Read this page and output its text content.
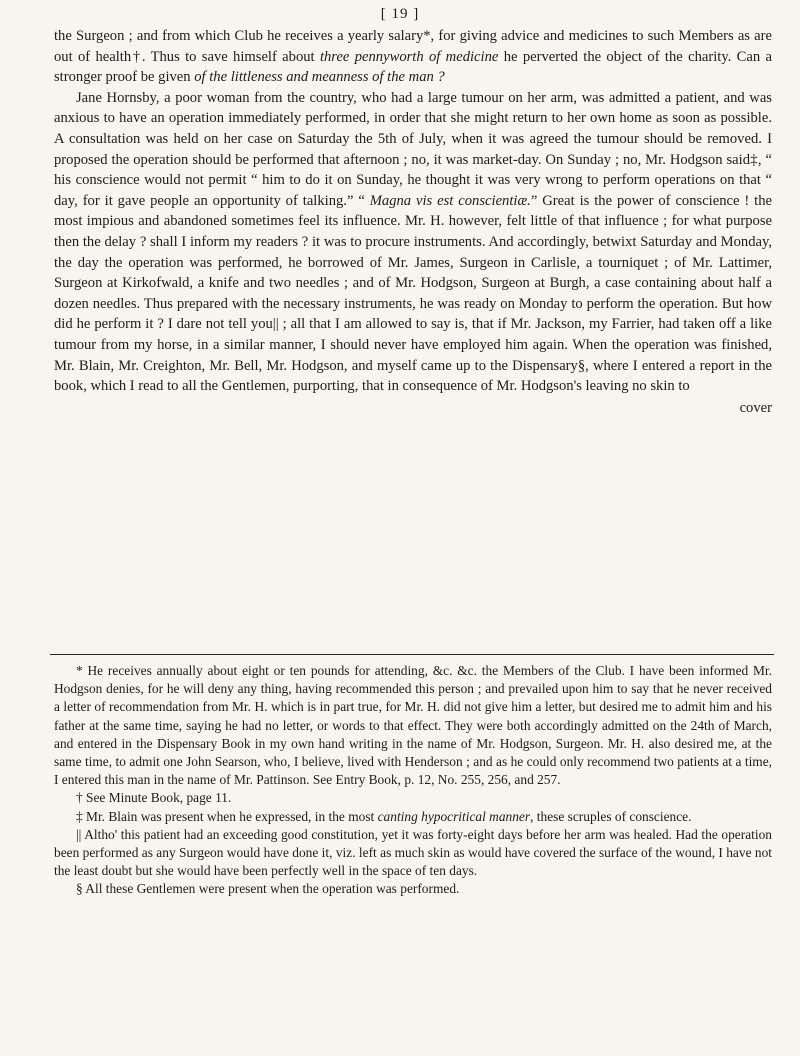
[ 19 ]

the Surgeon ; and from which Club he receives a yearly salary*, for giving advice and medicines to such Members as are out of health†. Thus to save himself about three pennyworth of medicine he perverted the object of the charity. Can a stronger proof be given of the littleness and meanness of the man ?

Jane Hornsby, a poor woman from the country, who had a large tumour on her arm, was admitted a patient, and was anxious to have an operation immediately performed, in order that she might return to her own home as soon as possible. A consultation was held on her case on Saturday the 5th of July, when it was agreed the tumour should be removed. I proposed the operation should be performed that afternoon ; no, it was market-day. On Sunday ; no, Mr. Hodgson said‡, “ his conscience would not permit “ him to do it on Sunday, he thought it was very wrong to perform operations on that “ day, for it gave people an opportunity of talking.” “ Magna vis est conscientiæ.” Great is the power of conscience ! the most impious and abandoned sometimes feel its influence. Mr. H. however, felt little of that influence ; for what purpose then the delay ? shall I inform my readers ? it was to procure instruments. And accordingly, betwixt Saturday and Monday, the day the operation was performed, he borrowed of Mr. James, Surgeon in Carlisle, a tourniquet ; of Mr. Lattimer, Surgeon at Kirkofwald, a knife and two needles ; and of Mr. Hodgson, Surgeon at Burgh, a case containing about half a dozen needles. Thus prepared with the necessary instruments, he was ready on Monday to perform the operation. But how did he perform it ? I dare not tell you|| ; all that I am allowed to say is, that if Mr. Jackson, my Farrier, had taken off a like tumour from my horse, in a similar manner, I should never have employed him again. When the operation was finished, Mr. Blain, Mr. Creighton, Mr. Bell, Mr. Hodgson, and myself came up to the Dispensary§, where I entered a report in the book, which I read to all the Gentlemen, purporting, that in consequence of Mr. Hodgson's leaving no skin to

cover

* He receives annually about eight or ten pounds for attending, &c. &c. the Members of the Club. I have been informed Mr. Hodgson denies, for he will deny any thing, having recommended this person ; and prevailed upon him to say that he never received a letter of recommendation from Mr. H. which is in part true, for Mr. H. did not give him a letter, but desired me to admit him and his father at the same time, saying he had no letter, or words to that effect. They were both accordingly admitted on the 24th of March, and entered in the Dispensary Book in my own hand writing in the name of Mr. Hodgson, Surgeon. Mr. H. also desired me, at the same time, to admit one John Searson, who, I believe, lived with Henderson ; and as he could only recommend two patients at a time, I entered this man in the name of Mr. Pattinson. See Entry Book, p. 12, No. 255, 256, and 257.

† See Minute Book, page 11.

‡ Mr. Blain was present when he expressed, in the most canting hypocritical manner, these scruples of conscience.

|| Altho' this patient had an exceeding good constitution, yet it was forty-eight days before her arm was healed. Had the operation been performed as any Surgeon would have done it, viz. left as much skin as would have covered the surface of the wound, I have not the least doubt but she would have been perfectly well in the space of ten days.

§ All these Gentlemen were present when the operation was performed.
